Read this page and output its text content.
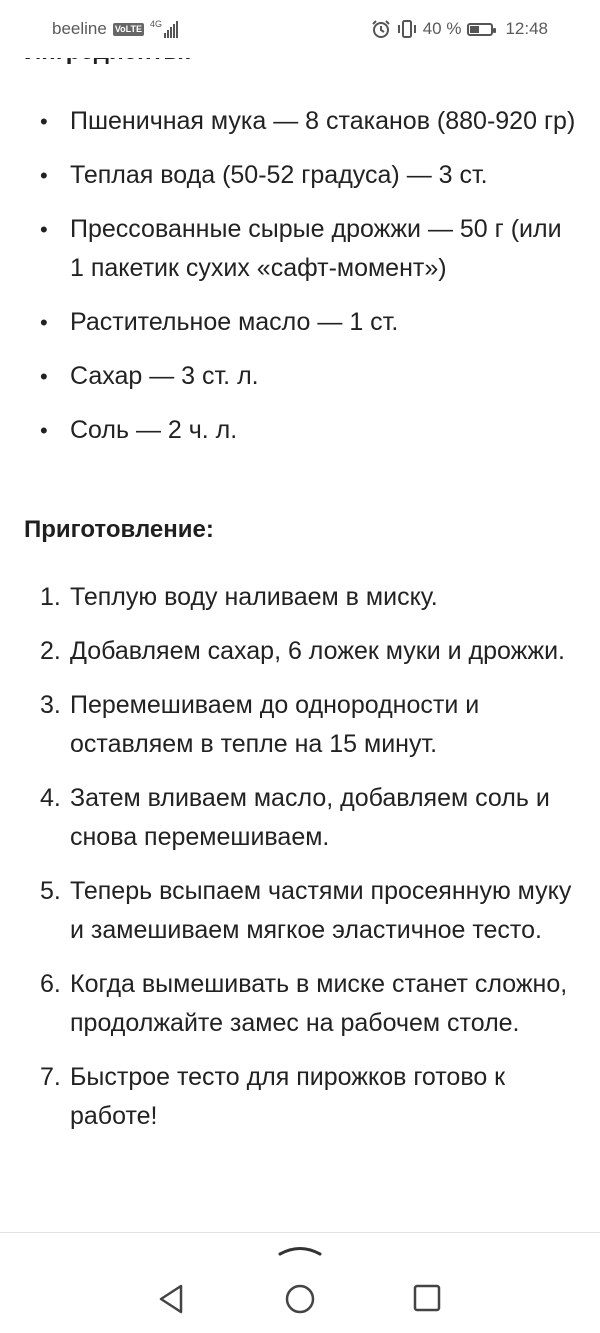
• Пшеничная мука — 8 стаканов (880-920 гр)
• Теплая вода (50-52 градуса) — 3 ст.
• Прессованные сырые дрожжи — 50 г (или 1 пакетик сухих «сафт-момент»)
• Растительное масло — 1 ст.
• Сахар — 3 ст. л.
• Соль — 2 ч. л.
Приготовление:
1. Теплую воду наливаем в миску.
2. Добавляем сахар, 6 ложек муки и дрожжи.
3. Перемешиваем до однородности и оставляем в тепле на 15 минут.
4. Затем вливаем масло, добавляем соль и снова перемешиваем.
5. Теперь всыпаем частями просеянную муку и замешиваем мягкое эластичное тесто.
6. Когда вымешивать в миске станет сложно, продолжайте замес на рабочем столе.
7. Быстрое тесто для пирожков готово к работе!
beeline VoLTE 4G	40 %	12:48
